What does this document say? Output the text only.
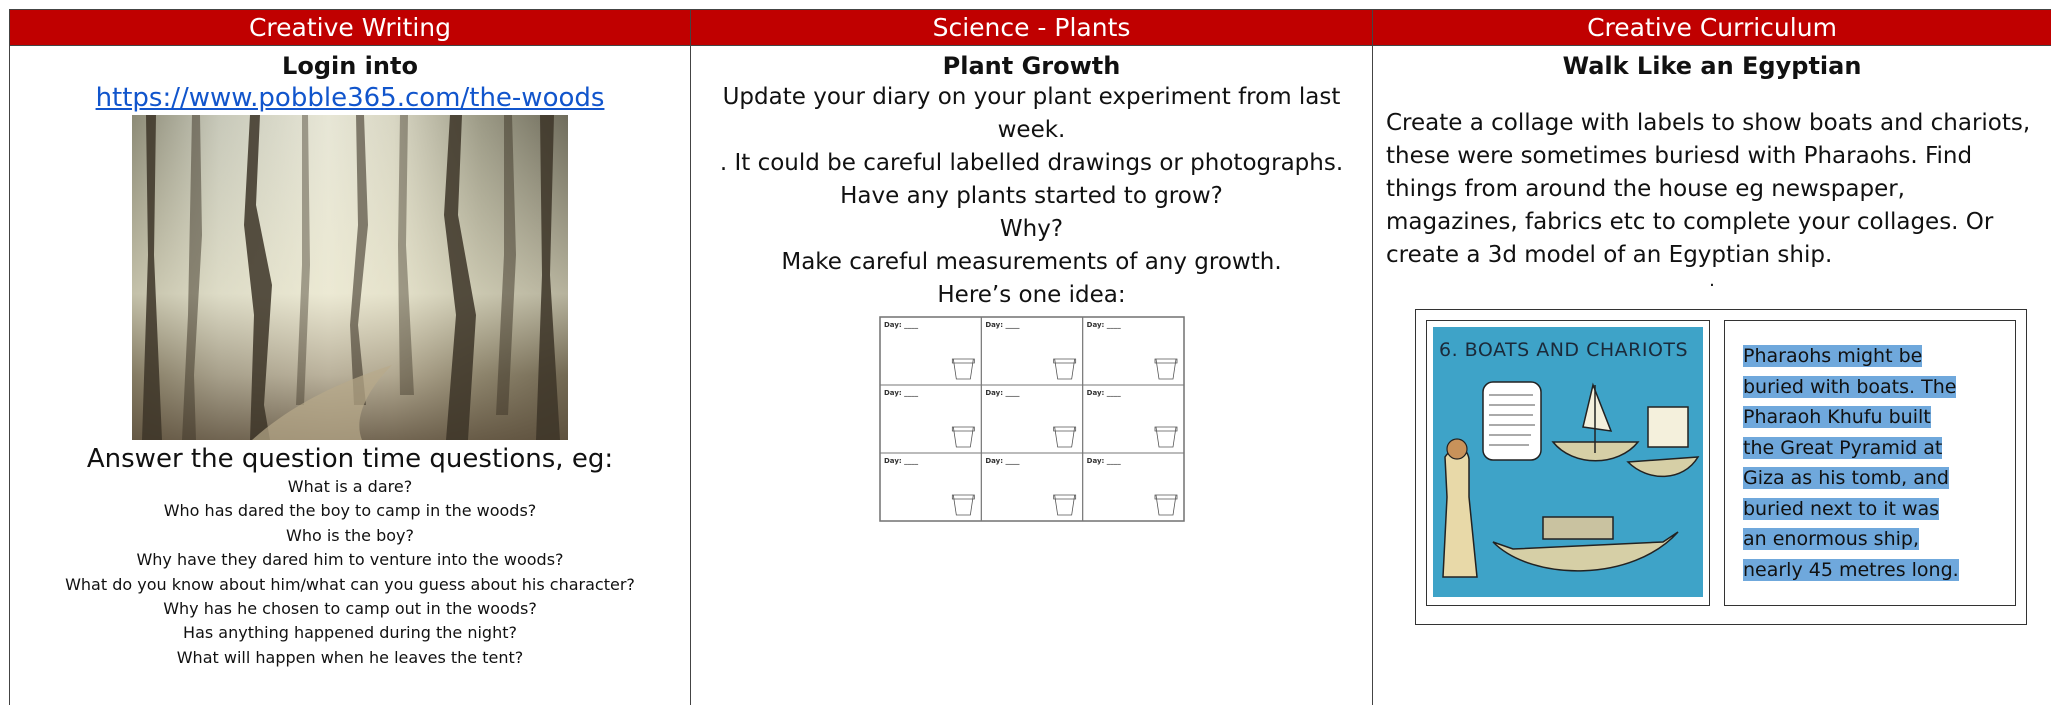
Creative Writing	Science - Plants	Creative Curriculum
Login into
https://www.pobble365.com/the-woods
Answer the question time questions, eg:
What is a dare?
Who has dared the boy to camp in the woods?
Who is the boy?
Why have they dared him to venture into the woods?
What do you know about him/what can you guess about his character?
Why has he chosen to camp out in the woods?
Has anything happened during the night?
What will happen when he leaves the tent?
Plant Growth

Update your diary on your plant experiment from last week.

. It could be careful labelled drawings or photographs.

Have any plants started to grow?

Why?

Make careful measurements of any growth.

Here’s one idea:

Day: ____	Day: ____	Day: ____
Day: ____	Day: ____	Day: ____
Day: ____	Day: ____	Day: ____
Walk Like an Egyptian
Create a collage with labels to show boats and chariots, these were sometimes buriesd with Pharaohs. Find things from around the house eg newspaper, magazines, fabrics etc to complete your collages. Or create a 3d model of an Egyptian ship.
.
6. BOATS AND CHARIOTS	Pharaohs might be
buried with boats. The
Pharaoh Khufu built
the Great Pyramid at
Giza as his tomb, and
buried next to it was
an enormous ship,
nearly 45 metres long.
